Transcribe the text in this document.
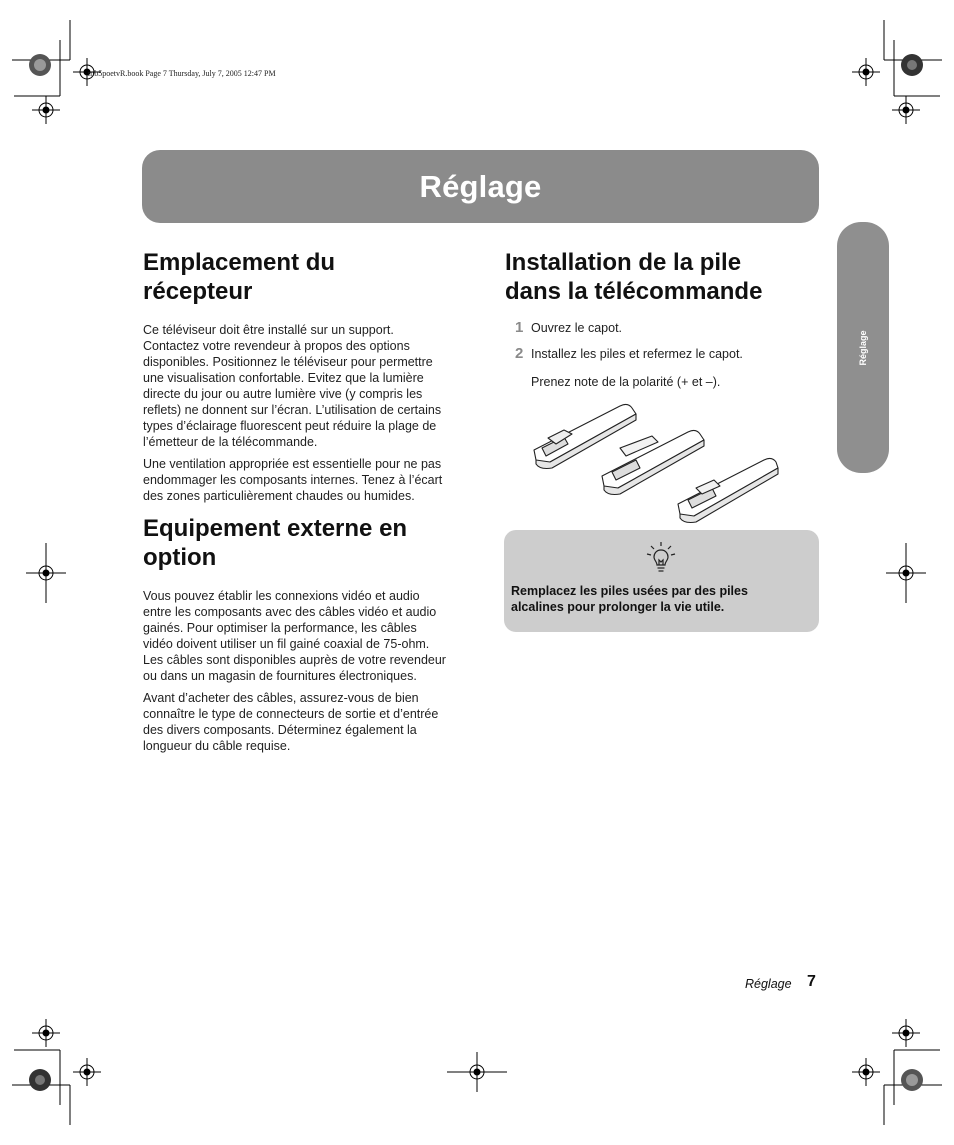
mb5poetvR.book Page 7 Thursday, July 7, 2005 12:47 PM
Réglage
Réglage
Emplacement du
récepteur

Ce téléviseur doit être installé sur un support.
Contactez votre revendeur à propos des options
disponibles. Positionnez le téléviseur pour permettre
une visualisation confortable. Evitez que la lumière
directe du jour ou autre lumière vive (y compris les
reflets) ne donnent sur l’écran. L’utilisation de certains
types d’éclairage fluorescent peut réduire la plage de
l’émetteur de la télécommande.

Une ventilation appropriée est essentielle pour ne pas
endommager les composants internes. Tenez à l’écart
des zones particulièrement chaudes ou humides.

Equipement externe en
option

Vous pouvez établir les connexions vidéo et audio
entre les composants avec des câbles vidéo et audio
gainés. Pour optimiser la performance, les câbles
vidéo doivent utiliser un fil gainé coaxial de 75-ohm.
Les câbles sont disponibles auprès de votre revendeur
ou dans un magasin de fournitures électroniques.

Avant d’acheter des câbles, assurez-vous de bien
connaître le type de connecteurs de sortie et d’entrée
des divers composants. Déterminez également la
longueur du câble requise.

Installation de la pile
dans la télécommande
1 Ouvrez le capot.
2 Installez les piles et refermez le capot.

Prenez note de la polarité (+ et –).

Remplacez les piles usées par des piles
alcalines pour prolonger la vie utile.
Réglage 7
